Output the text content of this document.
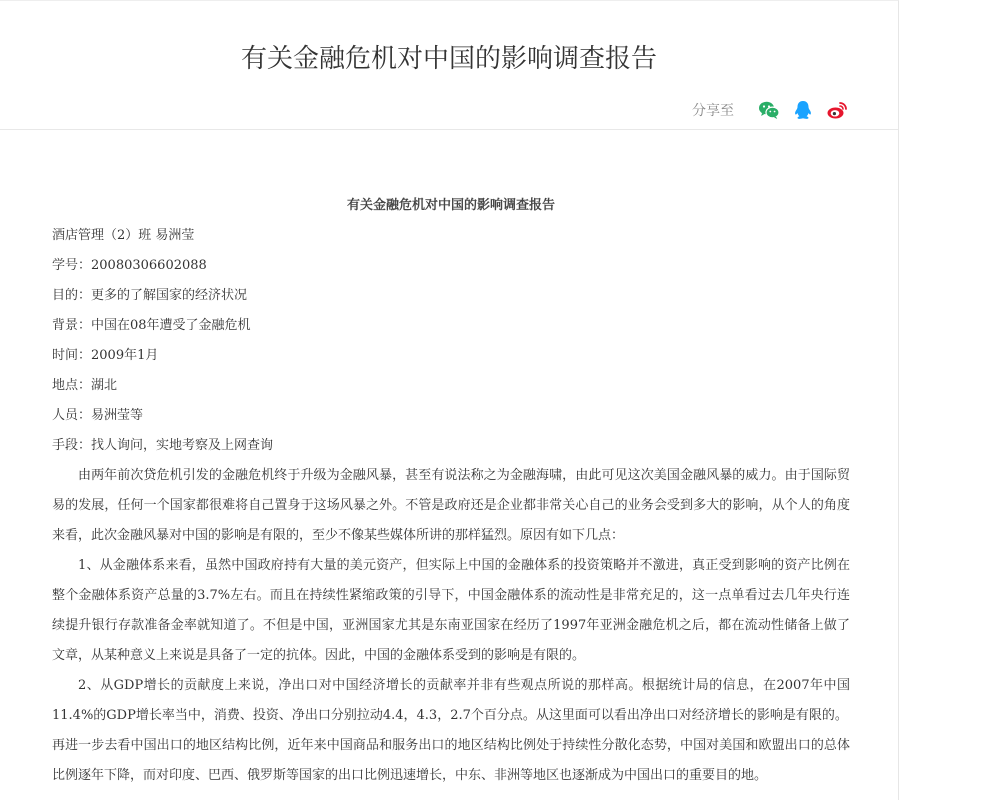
有关金融危机对中国的影响调查报告
分享至

有关金融危机对中国的影响调查报告

酒店管理（2）班 易洲莹

学号：20080306602088

目的：更多的了解国家的经济状况

背景：中国在08年遭受了金融危机

时间：2009年1月

地点：湖北

人员：易洲莹等

手段：找人询问，实地考察及上网查询

由两年前次贷危机引发的金融危机终于升级为金融风暴，甚至有说法称之为金融海啸，由此可见这次美国金融风暴的威力。由于国际贸易的发展，任何一个国家都很难将自己置身于这场风暴之外。不管是政府还是企业都非常关心自己的业务会受到多大的影响，从个人的角度来看，此次金融风暴对中国的影响是有限的，至少不像某些媒体所讲的那样猛烈。原因有如下几点：

1、从金融体系来看，虽然中国政府持有大量的美元资产，但实际上中国的金融体系的投资策略并不激进，真正受到影响的资产比例在整个金融体系资产总量的3.7%左右。而且在持续性紧缩政策的引导下，中国金融体系的流动性是非常充足的，这一点单看过去几年央行连续提升银行存款准备金率就知道了。不但是中国，亚洲国家尤其是东南亚国家在经历了1997年亚洲金融危机之后，都在流动性储备上做了文章，从某种意义上来说是具备了一定的抗体。因此，中国的金融体系受到的影响是有限的。

2、从GDP增长的贡献度上来说，净出口对中国经济增长的贡献率并非有些观点所说的那样高。根据统计局的信息，在2007年中国11.4%的GDP增长率当中，消费、投资、净出口分别拉动4.4，4.3，2.7个百分点。从这里面可以看出净出口对经济增长的影响是有限的。

再进一步去看中国出口的地区结构比例，近年来中国商品和服务出口的地区结构比例处于持续性分散化态势，中国对美国和欧盟出口的总体比例逐年下降，而对印度、巴西、俄罗斯等国家的出口比例迅速增长，中东、非洲等地区也逐渐成为中国出口的重要目的地。
